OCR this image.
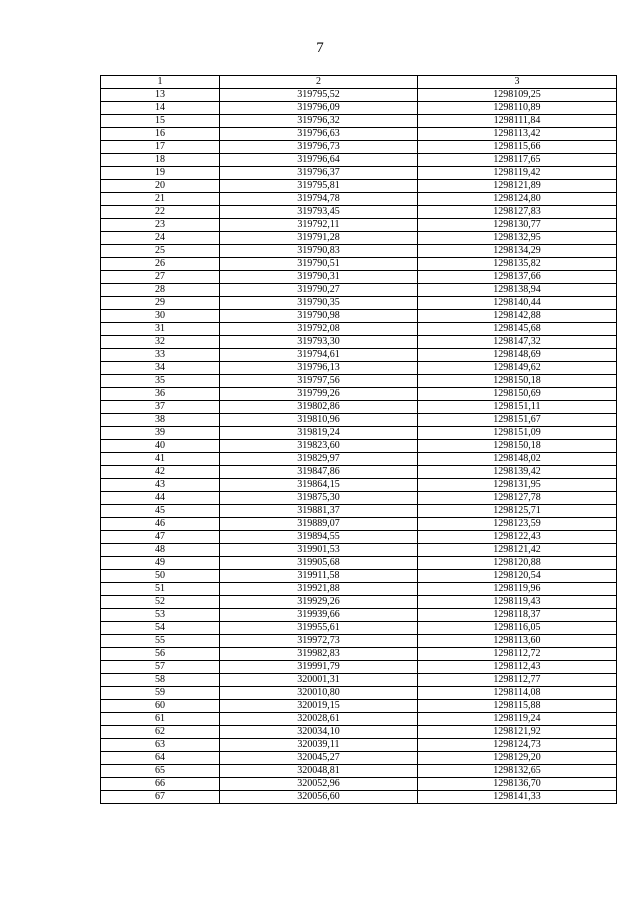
7
1	2	3
13	319795,52	1298109,25
14	319796,09	1298110,89
15	319796,32	1298111,84
16	319796,63	1298113,42
17	319796,73	1298115,66
18	319796,64	1298117,65
19	319796,37	1298119,42
20	319795,81	1298121,89
21	319794,78	1298124,80
22	319793,45	1298127,83
23	319792,11	1298130,77
24	319791,28	1298132,95
25	319790,83	1298134,29
26	319790,51	1298135,82
27	319790,31	1298137,66
28	319790,27	1298138,94
29	319790,35	1298140,44
30	319790,98	1298142,88
31	319792,08	1298145,68
32	319793,30	1298147,32
33	319794,61	1298148,69
34	319796,13	1298149,62
35	319797,56	1298150,18
36	319799,26	1298150,69
37	319802,86	1298151,11
38	319810,96	1298151,67
39	319819,24	1298151,09
40	319823,60	1298150,18
41	319829,97	1298148,02
42	319847,86	1298139,42
43	319864,15	1298131,95
44	319875,30	1298127,78
45	319881,37	1298125,71
46	319889,07	1298123,59
47	319894,55	1298122,43
48	319901,53	1298121,42
49	319905,68	1298120,88
50	319911,58	1298120,54
51	319921,88	1298119,96
52	319929,26	1298119,43
53	319939,66	1298118,37
54	319955,61	1298116,05
55	319972,73	1298113,60
56	319982,83	1298112,72
57	319991,79	1298112,43
58	320001,31	1298112,77
59	320010,80	1298114,08
60	320019,15	1298115,88
61	320028,61	1298119,24
62	320034,10	1298121,92
63	320039,11	1298124,73
64	320045,27	1298129,20
65	320048,81	1298132,65
66	320052,96	1298136,70
67	320056,60	1298141,33
